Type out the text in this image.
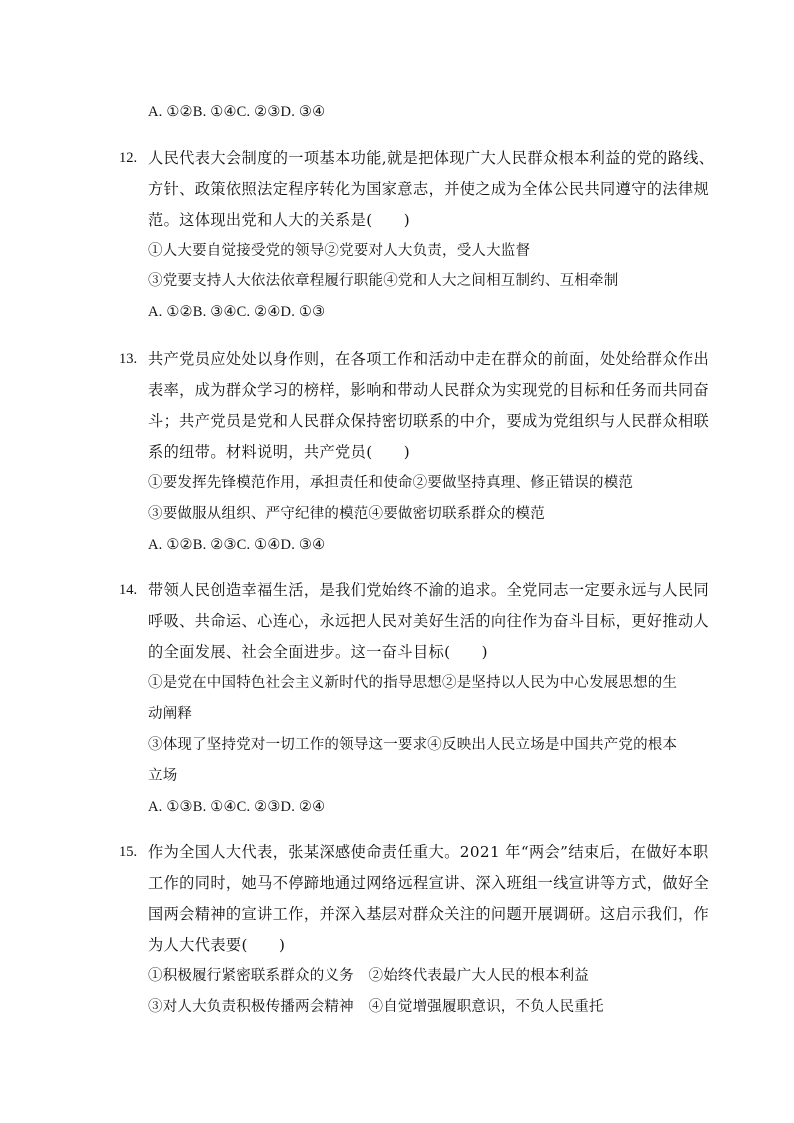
A. ①②B. ①④C. ②③D. ③④
12. 人民代表大会制度的一项基本功能,就是把体现广大人民群众根本利益的党的路线、
方针、政策依照法定程序转化为国家意志，并使之成为全体公民共同遵守的法律规
范。这体现出党和人大的关系是(　　)
①人大要自觉接受党的领导②党要对人大负责，受人大监督
③党要支持人大依法依章程履行职能④党和人大之间相互制约、互相牵制
A. ①②B. ③④C. ②④D. ①③
13. 共产党员应处处以身作则，在各项工作和活动中走在群众的前面，处处给群众作出
表率，成为群众学习的榜样，影响和带动人民群众为实现党的目标和任务而共同奋
斗；共产党员是党和人民群众保持密切联系的中介，要成为党组织与人民群众相联
系的纽带。材料说明，共产党员(　　)
①要发挥先锋模范作用，承担责任和使命②要做坚持真理、修正错误的模范
③要做服从组织、严守纪律的模范④要做密切联系群众的模范
A. ①②B. ②③C. ①④D. ③④
14. 带领人民创造幸福生活，是我们党始终不渝的追求。全党同志一定要永远与人民同
呼吸、共命运、心连心，永远把人民对美好生活的向往作为奋斗目标，更好推动人
的全面发展、社会全面进步。这一奋斗目标(　　)
①是党在中国特色社会主义新时代的指导思想②是坚持以人民为中心发展思想的生
动阐释
③体现了坚持党对一切工作的领导这一要求④反映出人民立场是中国共产党的根本
立场
A. ①③B. ①④C. ②③D. ②④
15. 作为全国人大代表，张某深感使命责任重大。2021 年“两会”结束后，在做好本职
工作的同时，她马不停蹄地通过网络远程宣讲、深入班组一线宣讲等方式，做好全
国两会精神的宣讲工作，并深入基层对群众关注的问题开展调研。这启示我们，作
为人大代表要(　　)
①积极履行紧密联系群众的义务　②始终代表最广大人民的根本利益
③对人大负责积极传播两会精神　④自觉增强履职意识，不负人民重托
